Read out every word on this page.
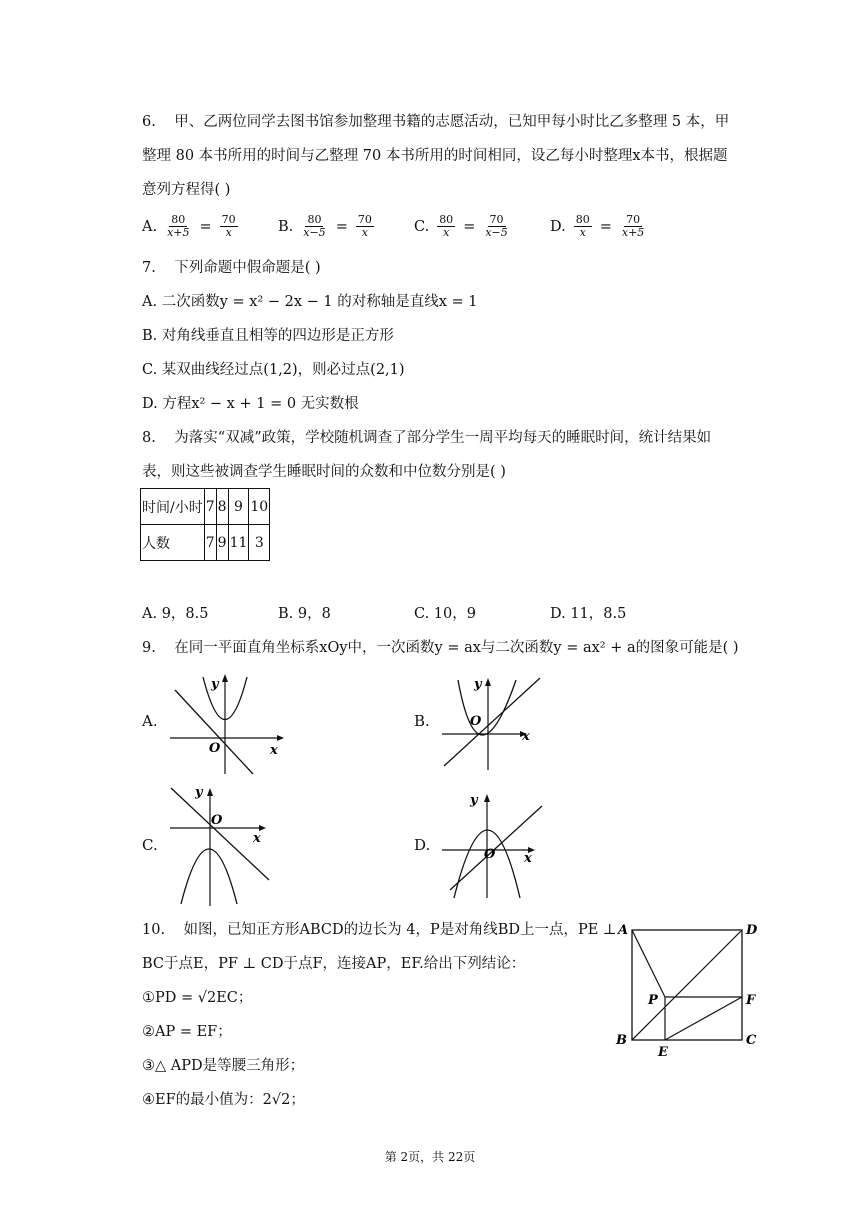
6. 甲、乙两位同学去图书馆参加整理书籍的志愿活动，已知甲每小时比乙多整理 5 本，甲
整理 80 本书所用的时间与乙整理 70 本书所用的时间相同，设乙每小时整理x本书，根据题
意列方程得( )
A. $\frac{80}{x+5} = \frac{70}{x}$	B. $\frac{80}{x-5} = \frac{70}{x}$	C. $\frac{80}{x} = \frac{70}{x-5}$	D. $\frac{80}{x} = \frac{70}{x+5}$
7. 下列命题中假命题是( )
A. 二次函数y = x² − 2x − 1 的对称轴是直线x = 1
B. 对角线垂直且相等的四边形是正方形
C. 某双曲线经过点(1,2)，则必过点(2,1)
D. 方程x² − x + 1 = 0 无实数根
8. 为落实“双减”政策，学校随机调查了部分学生一周平均每天的睡眠时间，统计结果如
表，则这些被调查学生睡眠时间的众数和中位数分别是( )
时间/小时	7	8	9	10
人数	7	9	11	3
A. 9，8.5	B. 9，8	C. 10，9	D. 11，8.5
9. 在同一平面直角坐标系xOy中，一次函数y = ax与二次函数y = ax² + a的图象可能是( )
A.	B.
C.	D.
y
x
O
y
x
O
y
x
O
y
x
O
10. 如图，已知正方形ABCD的边长为 4，P是对角线BD上一点，PE ⊥
BC于点E，PF ⊥ CD于点F，连接AP，EF.给出下列结论：
①PD = √2EC；
②AP = EF；
③△ APD是等腰三角形；
④EF的最小值为：2√2；
A	D
P	F
B
E
C
第 2页，共 22页
